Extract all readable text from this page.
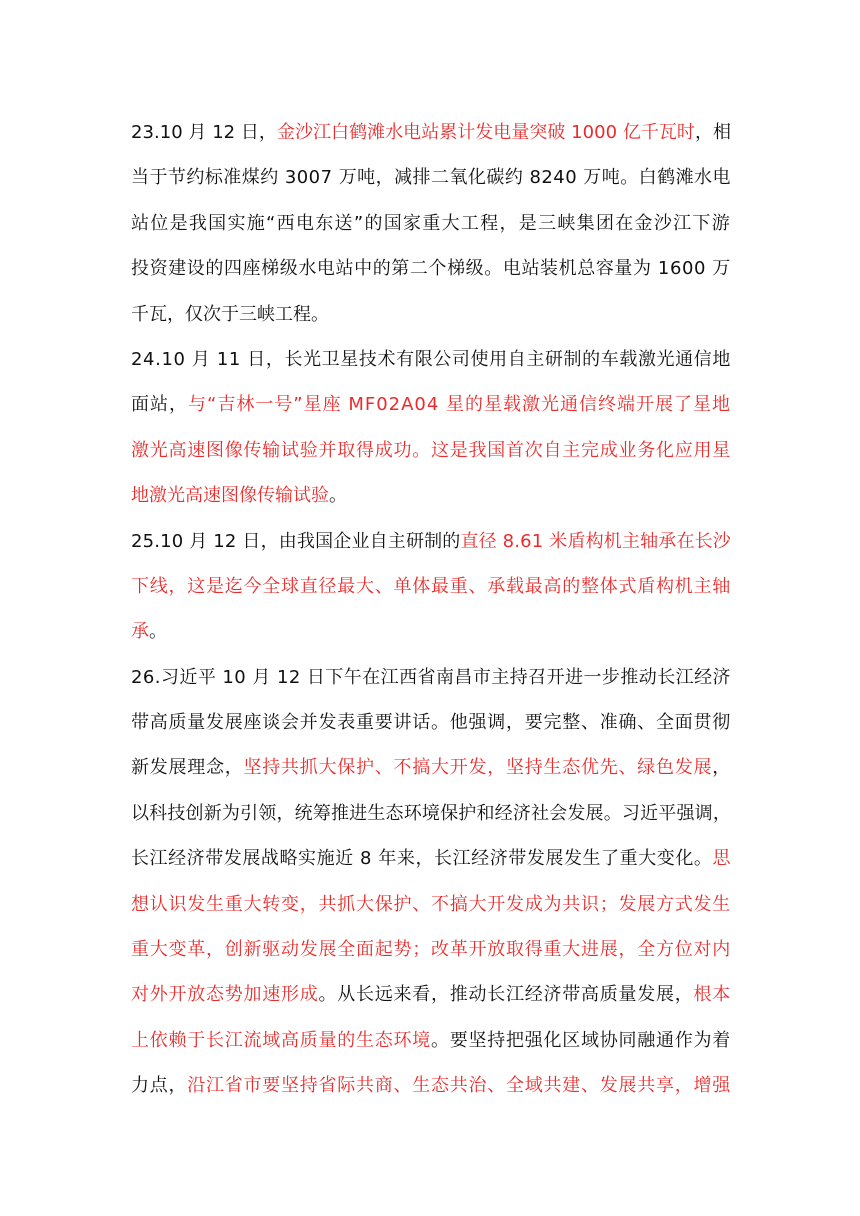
23.10 月 12 日，金沙江白鹤滩水电站累计发电量突破 1000 亿千瓦时，相
当于节约标准煤约 3007 万吨，减排二氧化碳约 8240 万吨。白鹤滩水电
站位是我国实施“西电东送”的国家重大工程，是三峡集团在金沙江下游
投资建设的四座梯级水电站中的第二个梯级。电站装机总容量为 1600 万
千瓦，仅次于三峡工程。
24.10 月 11 日，长光卫星技术有限公司使用自主研制的车载激光通信地
面站，与“吉林一号”星座 MF02A04 星的星载激光通信终端开展了星地
激光高速图像传输试验并取得成功。这是我国首次自主完成业务化应用星
地激光高速图像传输试验 。
25.10 月 12 日，由我国企业自主研制的直径 8.61 米盾构机主轴承在长沙
下线，这是迄今全球直径最大、单体最重、承载最高的整体式盾构机主轴
承 。
26.习近平 10 月 12 日下午在江西省南昌市主持召开进一步推动长江经济
带高质量发展座谈会并发表重要讲话。他强调，要完整、准确、全面贯彻
新发展理念，坚持共抓大保护、不搞大开发，坚持生态优先、绿色发展，
以科技创新为引领，统筹推进生态环境保护和经济社会发展。习近平强调，
长江经济带发展战略实施近 8 年来，长江经济带发展发生了重大变化。思
想认识发生重大转变，共抓大保护、不搞大开发成为共识；发展方式发生
重大变革，创新驱动发展全面起势；改革开放取得重大进展，全方位对内
对外开放态势加速形成。从长远来看，推动长江经济带高质量发展，根本
上依赖于长江流域高质量的生态环境。要坚持把强化区域协同融通作为着
力点，沿江省市要坚持省际共商、生态共治、全域共建、发展共享，增强
